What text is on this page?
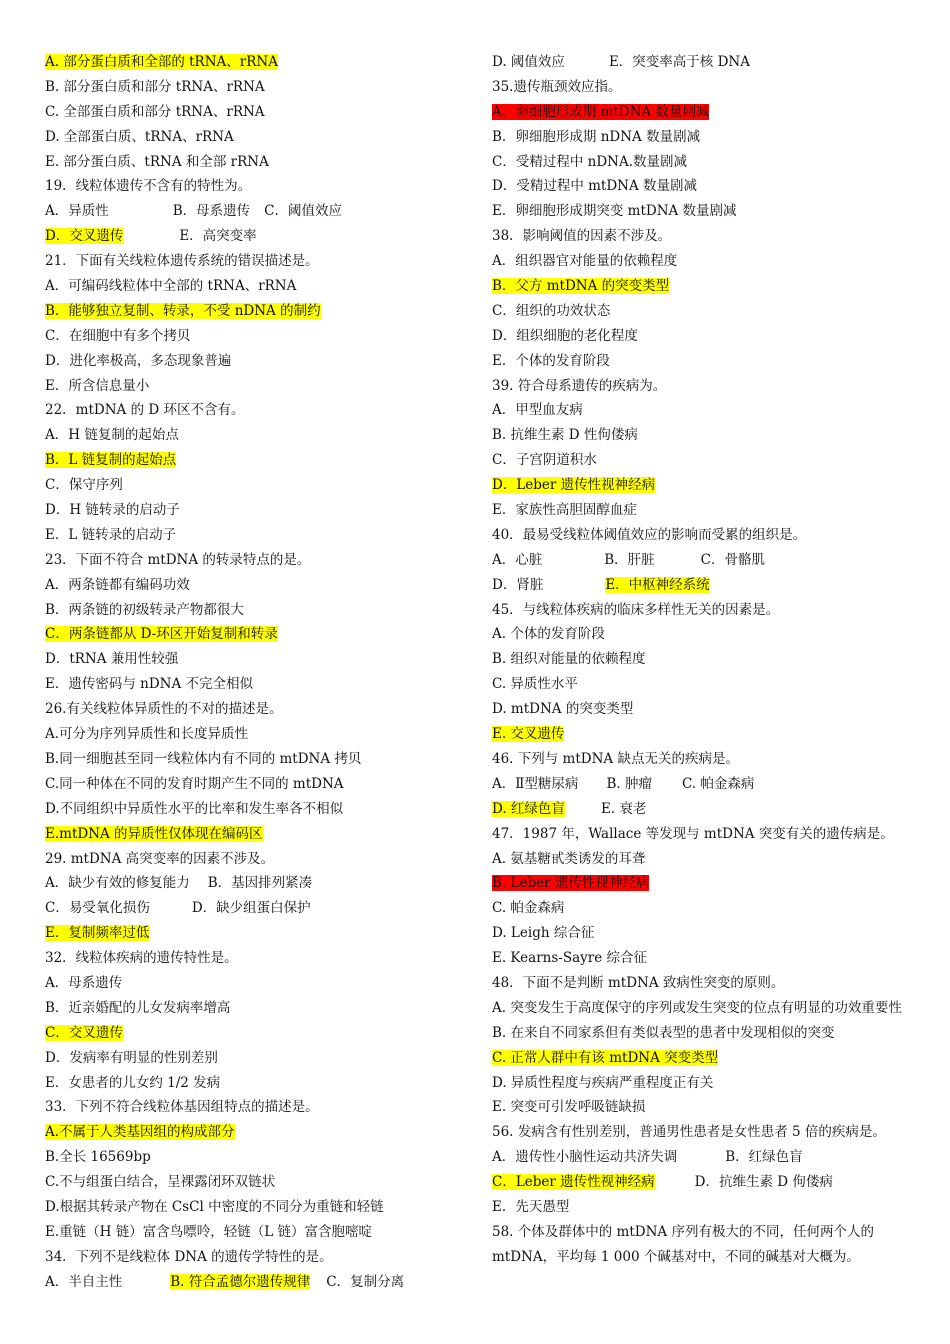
A. 部分蛋白质和全部的 tRNA、rRNA
B. 部分蛋白质和部分 tRNA、rRNA
C. 全部蛋白质和部分 tRNA、rRNA
D. 全部蛋白质、tRNA、rRNA
E. 部分蛋白质、tRNA 和全部 rRNA
19．线粒体遗传不含有的特性为。
A．异质性	B．母系遗传 C．阈值效应
D．交叉遗传	E．高突变率
21．下面有关线粒体遗传系统的错误描述是。
A．可编码线粒体中全部的 tRNA、rRNA
B．能够独立复制、转录，不受 nDNA 的制约
C．在细胞中有多个拷贝
D．进化率极高，多态现象普遍
E．所含信息量小
22．mtDNA 的 D 环区不含有。
A．H 链复制的起始点
B．L 链复制的起始点
C．保守序列
D．H 链转录的启动子
E．L 链转录的启动子
23．下面不符合 mtDNA 的转录特点的是。
A．两条链都有编码功效
B．两条链的初级转录产物都很大
C．两条链都从 D-环区开始复制和转录
D．tRNA 兼用性较强
E．遗传密码与 nDNA 不完全相似
26.有关线粒体异质性的不对的描述是。
A.可分为序列异质性和长度异质性
B.同一细胞甚至同一线粒体内有不同的 mtDNA 拷贝
C.同一种体在不同的发育时期产生不同的 mtDNA
D.不同组织中异质性水平的比率和发生率各不相似
E.mtDNA 的异质性仅体现在编码区
29. mtDNA 高突变率的因素不涉及。
A．缺少有效的修复能力 B．基因排列紧凑
C．易受氧化损伤	D．缺少组蛋白保护
E．复制频率过低
32．线粒体疾病的遗传特性是。
A．母系遗传
B．近亲婚配的儿女发病率增高
C．交叉遗传
D．发病率有明显的性别差别
E．女患者的儿女约 1/2 发病
33．下列不符合线粒体基因组特点的描述是。
A.不属于人类基因组的构成部分
B.全长 16569bp
C.不与组蛋白结合，呈裸露闭环双链状
D.根据其转录产物在 CsCl 中密度的不同分为重链和轻链
E.重链（H 链）富含鸟嘌呤，轻链（L 链）富含胞嘧啶
34．下列不是线粒体 DNA 的遗传学特性的是。
A．半自主性	B. 符合孟德尔遗传规律 C．复制分离
D. 阈值效应	E．突变率高于核 DNA
35.遗传瓶颈效应指。
A．卵细胞形成期 mtDNA 数量剧减
B．卵细胞形成期 nDNA 数量剧减
C．受精过程中 nDNA.数量剧减
D．受精过程中 mtDNA 数量剧减
E．卵细胞形成期突变 mtDNA 数量剧减
38．影响阈值的因素不涉及。
A．组织器官对能量的依赖程度
B．父方 mtDNA 的突变类型
C．组织的功效状态
D．组织细胞的老化程度
E．个体的发育阶段
39. 符合母系遗传的疾病为。
A．甲型血友病
B. 抗维生素 D 性佝偻病
C．子宫阴道积水
D．Leber 遗传性视神经病
E．家族性高胆固醇血症
40．最易受线粒体阈值效应的影响而受累的组织是。
A．心脏	B．肝脏	C．骨骼肌
D．肾脏	E．中枢神经系统
45．与线粒体疾病的临床多样性无关的因素是。
A. 个体的发育阶段
B. 组织对能量的依赖程度
C. 异质性水平
D. mtDNA 的突变类型
E. 交叉遗传
46. 下列与 mtDNA 缺点无关的疾病是。
A．Ⅱ型糖尿病 B. 肿瘤 C. 帕金森病
D. 红绿色盲	E. 衰老
47．1987 年，Wallace 等发现与 mtDNA 突变有关的遗传病是。
A. 氨基糖甙类诱发的耳聋
B. Leber 遗传性视神经病
C. 帕金森病
D. Leigh 综合征
E. Kearns-Sayre 综合征
48．下面不是判断 mtDNA 致病性突变的原则。
A. 突变发生于高度保守的序列或发生突变的位点有明显的功效重要性
B. 在来自不同家系但有类似表型的患者中发现相似的突变
C. 正常人群中有该 mtDNA 突变类型
D. 异质性程度与疾病严重程度正有关
E. 突变可引发呼吸链缺损
56. 发病含有性别差别，普通男性患者是女性患者 5 倍的疾病是。
A．遗传性小脑性运动共济失调	B．红绿色盲
C．Leber 遗传性视神经病	D．抗维生素 D 佝偻病
E．先天愚型
58. 个体及群体中的 mtDNA 序列有极大的不同，任何两个人的 mtDNA，平均每 1 000 个碱基对中，不同的碱基对大概为。
